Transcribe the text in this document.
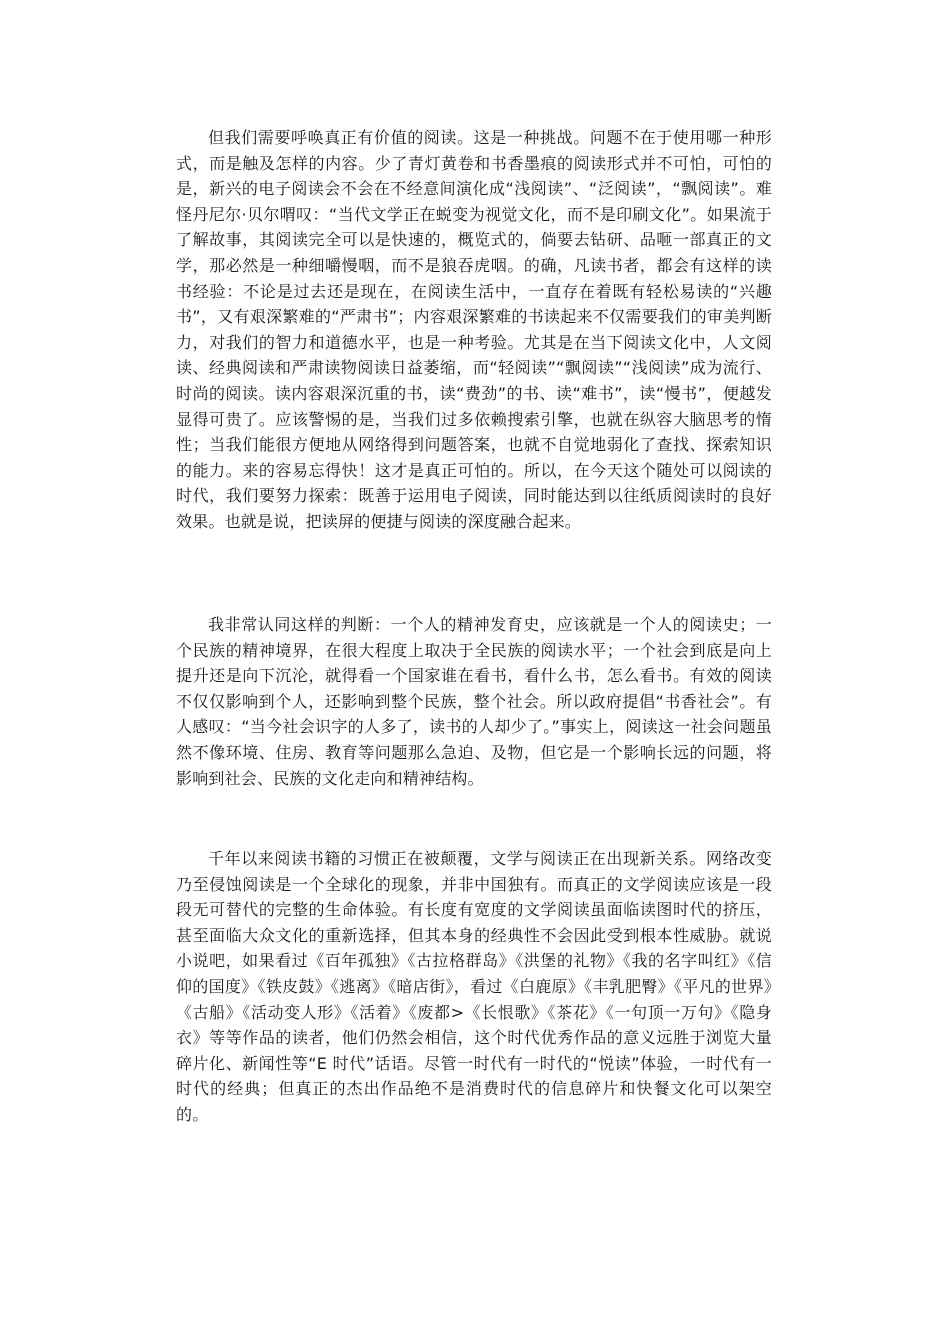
但我们需要呼唤真正有价值的阅读。这是一种挑战。问题不在于使用哪一种形式，而是触及怎样的内容。少了青灯黄卷和书香墨痕的阅读形式并不可怕，可怕的是，新兴的电子阅读会不会在不经意间演化成“浅阅读”、“泛阅读”，“飘阅读”。难怪丹尼尔·贝尔喟叹：“当代文学正在蜕变为视觉文化，而不是印刷文化”。如果流于了解故事，其阅读完全可以是快速的，概览式的，倘要去钻研、品咂一部真正的文学，那必然是一种细嚼慢咽，而不是狼吞虎咽。的确，凡读书者，都会有这样的读书经验：不论是过去还是现在，在阅读生活中，一直存在着既有轻松易读的“兴趣书”，又有艰深繁难的“严肃书”；内容艰深繁难的书读起来不仅需要我们的审美判断力，对我们的智力和道德水平，也是一种考验。尤其是在当下阅读文化中，人文阅读、经典阅读和严肃读物阅读日益萎缩，而“轻阅读”“飘阅读”“浅阅读”成为流行、时尚的阅读。读内容艰深沉重的书，读“费劲”的书、读“难书”，读“慢书”，便越发显得可贵了。应该警惕的是，当我们过多依赖搜索引擎，也就在纵容大脑思考的惰性；当我们能很方便地从网络得到问题答案，也就不自觉地弱化了查找、探索知识的能力。来的容易忘得快！这才是真正可怕的。所以，在今天这个随处可以阅读的时代，我们要努力探索：既善于运用电子阅读，同时能达到以往纸质阅读时的良好效果。也就是说，把读屏的便捷与阅读的深度融合起来。

我非常认同这样的判断：一个人的精神发育史，应该就是一个人的阅读史；一个民族的精神境界，在很大程度上取决于全民族的阅读水平；一个社会到底是向上提升还是向下沉沦，就得看一个国家谁在看书，看什么书，怎么看书。有效的阅读不仅仅影响到个人，还影响到整个民族，整个社会。所以政府提倡“书香社会”。有人感叹：“当今社会识字的人多了，读书的人却少了。”事实上，阅读这一社会问题虽然不像环境、住房、教育等问题那么急迫、及物，但它是一个影响长远的问题，将影响到社会、民族的文化走向和精神结构。

千年以来阅读书籍的习惯正在被颠覆，文学与阅读正在出现新关系。网络改变乃至侵蚀阅读是一个全球化的现象，并非中国独有。而真正的文学阅读应该是一段段无可替代的完整的生命体验。有长度有宽度的文学阅读虽面临读图时代的挤压，甚至面临大众文化的重新选择，但其本身的经典性不会因此受到根本性威胁。就说小说吧，如果看过《百年孤独》《古拉格群岛》《洪堡的礼物》《我的名字叫红》《信仰的国度》《铁皮鼓》《逃离》《暗店街》，看过《白鹿原》《丰乳肥臀》《平凡的世界》《古船》《活动变人形》《活着》《废都>《长恨歌》《茶花》《一句顶一万句》《隐身衣》等等作品的读者，他们仍然会相信，这个时代优秀作品的意义远胜于浏览大量碎片化、新闻性等“E 时代”话语。尽管一时代有一时代的“悦读”体验，一时代有一时代的经典；但真正的杰出作品绝不是消费时代的信息碎片和快餐文化可以架空的。
